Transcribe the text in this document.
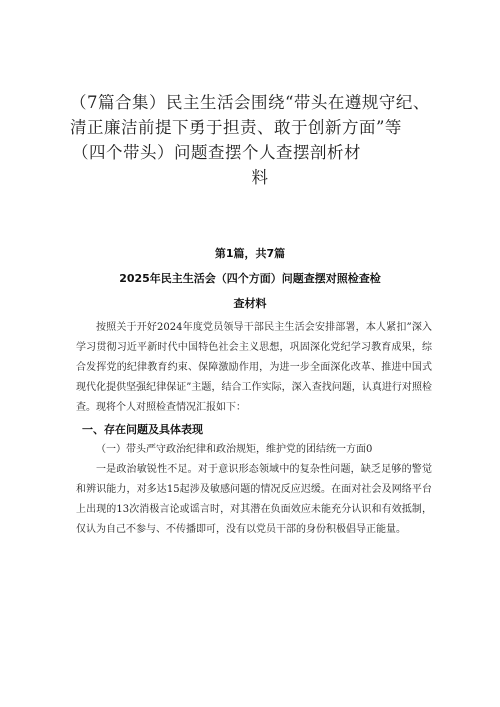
（7篇合集）民主生活会围绕“带头在遵规守纪、
清正廉洁前提下勇于担责、敢于创新方面”等
（四个带头）问题查摆个人查摆剖析材
料
第1篇，共7篇
2025年民主生活会（四个方面）问题查摆对照检查检
查材料

按照关于开好2024年度党员领导干部民主生活会安排部署，本人紧扣”深入学习贯彻习近平新时代中国特色社会主义思想，巩固深化党纪学习教育成果，综合发挥党的纪律教育约束、保障激励作用，为进一步全面深化改革、推进中国式现代化提供坚强纪律保证”主题，结合工作实际，深入查找问题，认真进行对照检查。现将个人对照检查情况汇报如下：

一、存在问题及具体表现

（一）带头严守政治纪律和政治规矩，维护党的团结统一方面0

一是政治敏锐性不足。对于意识形态领域中的复杂性问题，缺乏足够的警觉和辨识能力，对多达15起涉及敏感问题的情况反应迟缓。在面对社会及网络平台上出现的13次消极言论或谣言时，对其潜在负面效应未能充分认识和有效抵制，仅认为自己不参与、不传播即可，没有以党员干部的身份积极倡导正能量。
